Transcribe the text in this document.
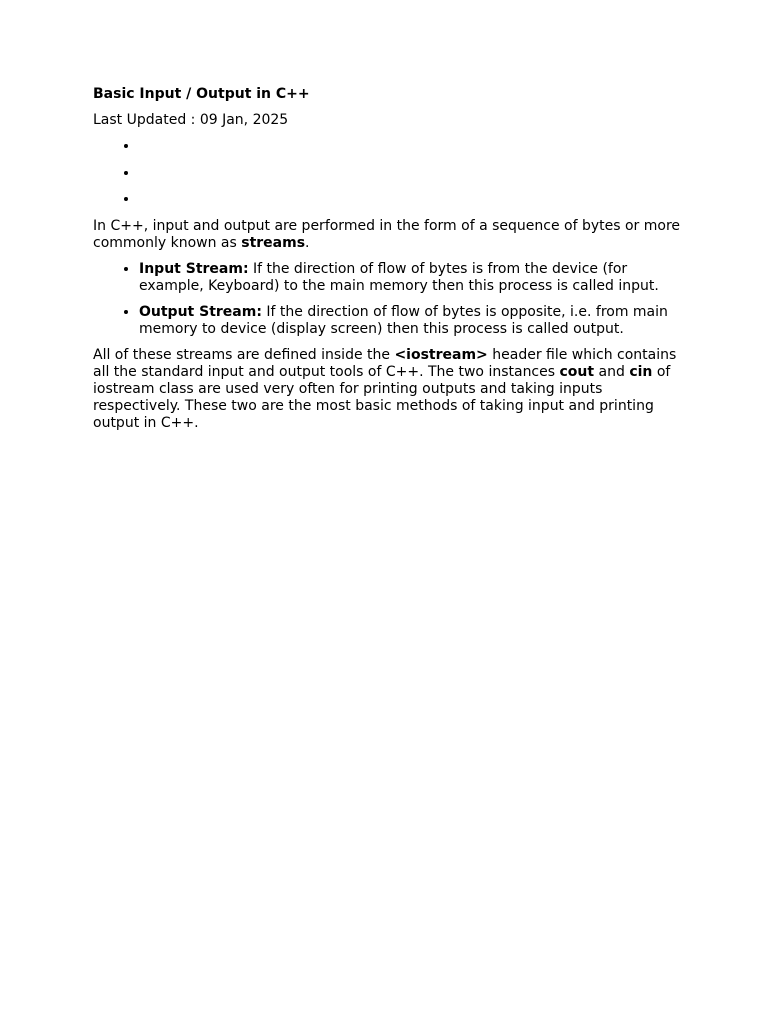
Basic Input / Output in C++
Last Updated : 09 Jan, 2025
•
•
•

In C++, input and output are performed in the form of a sequence of bytes or more commonly known as streams.

• Input Stream: If the direction of flow of bytes is from the device (for example, Keyboard) to the main memory then this process is called input.
• Output Stream: If the direction of flow of bytes is opposite, i.e. from main memory to device (display screen) then this process is called output.

All of these streams are defined inside the <iostream> header file which contains all the standard input and output tools of C++. The two instances cout and cin of iostream class are used very often for printing outputs and taking inputs respectively. These two are the most basic methods of taking input and printing output in C++.
